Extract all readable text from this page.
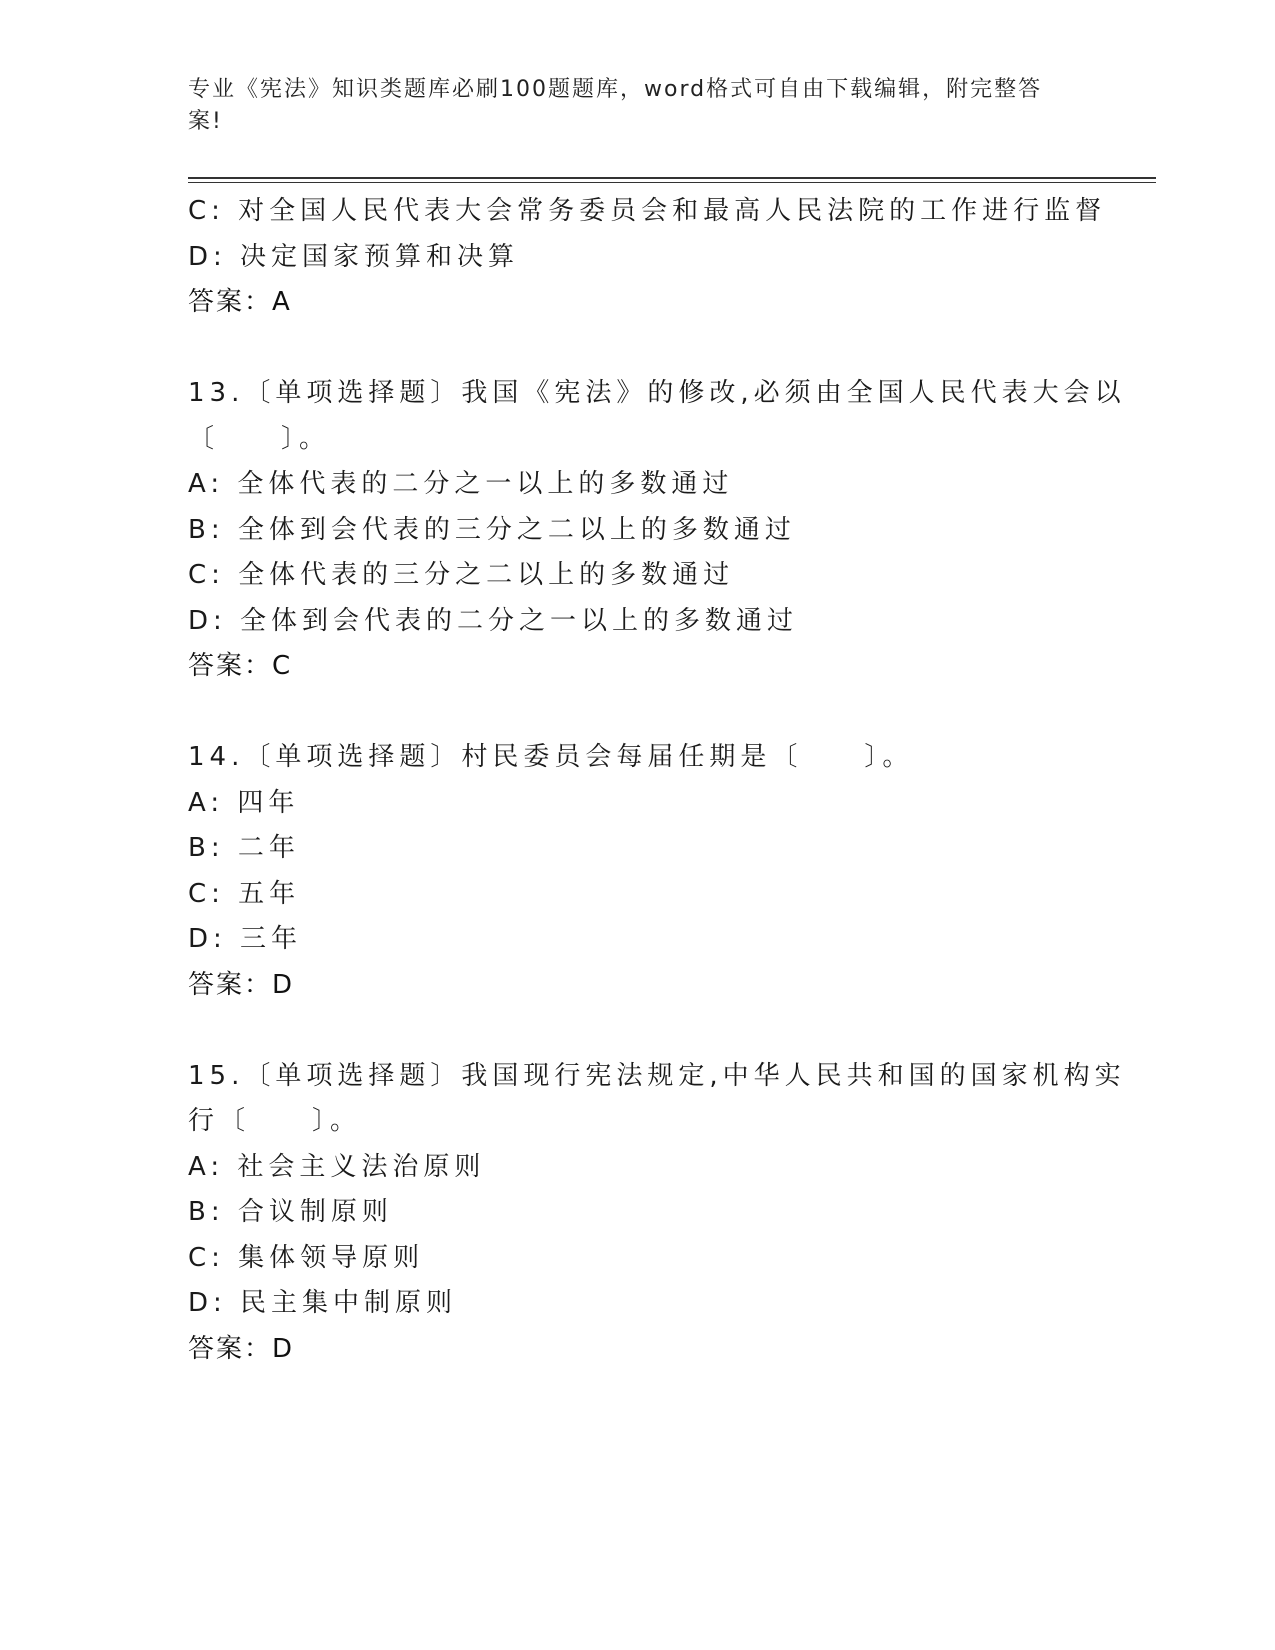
专业《宪法》知识类题库必刷100题题库，word格式可自由下载编辑，附完整答
案!
C: 对全国人民代表大会常务委员会和最高人民法院的工作进行监督
D: 决定国家预算和决算
答案：A
13.〔单项选择题〕我国《宪法》的修改,必须由全国人民代表大会以
〔　　〕。
A: 全体代表的二分之一以上的多数通过
B: 全体到会代表的三分之二以上的多数通过
C: 全体代表的三分之二以上的多数通过
D: 全体到会代表的二分之一以上的多数通过
答案：C
14.〔单项选择题〕村民委员会每届任期是〔　　〕。
A: 四年
B: 二年
C: 五年
D: 三年
答案：D
15.〔单项选择题〕我国现行宪法规定,中华人民共和国的国家机构实
行〔　　〕。
A: 社会主义法治原则
B: 合议制原则
C: 集体领导原则
D: 民主集中制原则
答案：D
